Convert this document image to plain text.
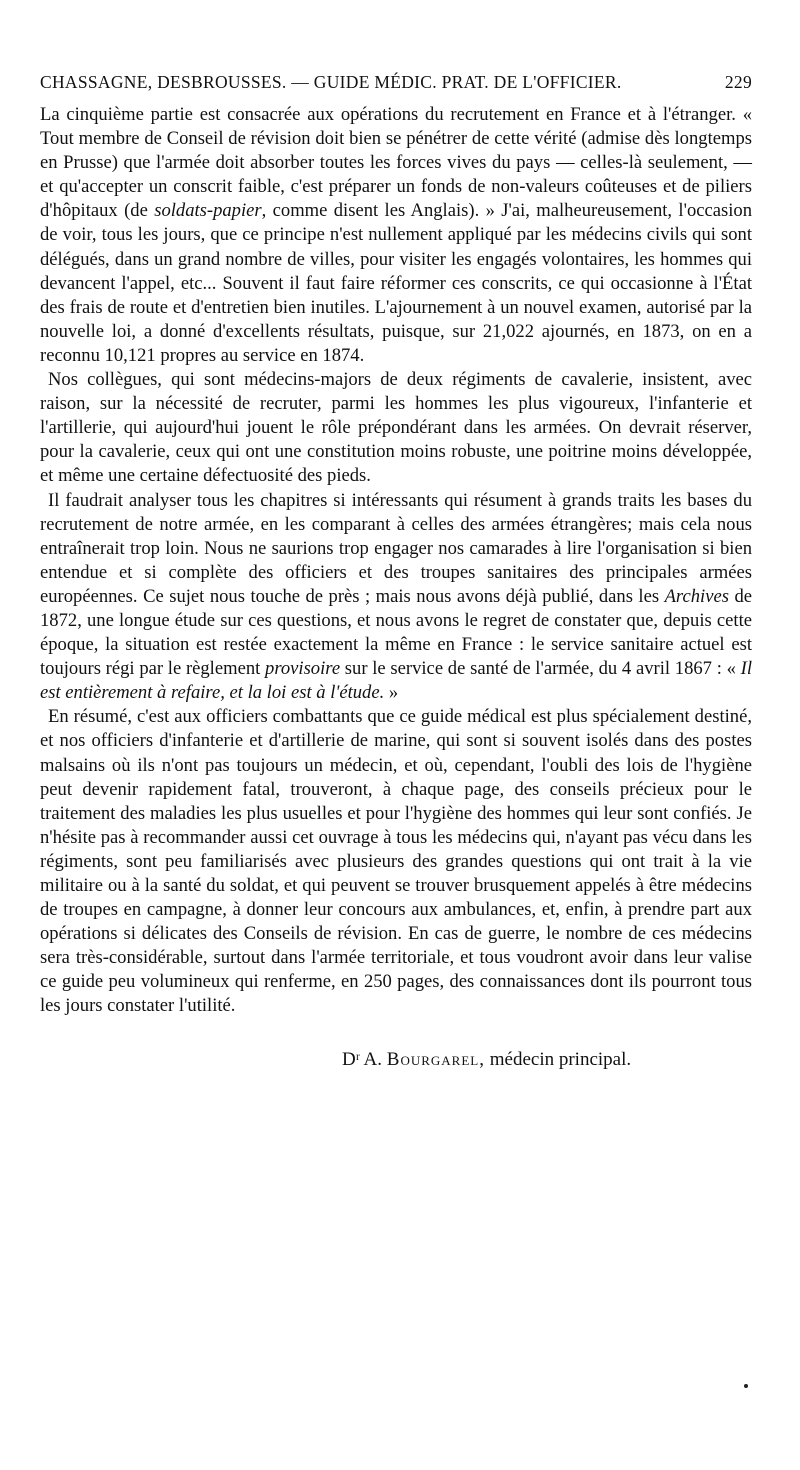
CHASSAGNE, DESBROUSSES. — GUIDE MÉDIC. PRAT. DE L'OFFICIER.	229

La cinquième partie est consacrée aux opérations du recrutement en France et à l'étranger. « Tout membre de Conseil de révision doit bien se pénétrer de cette vérité (admise dès longtemps en Prusse) que l'armée doit absorber toutes les forces vives du pays — celles-là seulement, — et qu'accepter un conscrit faible, c'est préparer un fonds de non-valeurs coûteuses et de piliers d'hôpitaux (de soldats-papier, comme disent les Anglais). » J'ai, malheureusement, l'occasion de voir, tous les jours, que ce principe n'est nullement appliqué par les médecins civils qui sont délégués, dans un grand nombre de villes, pour visiter les engagés volontaires, les hommes qui devancent l'appel, etc... Souvent il faut faire réformer ces conscrits, ce qui occasionne à l'État des frais de route et d'entretien bien inutiles. L'ajournement à un nouvel examen, autorisé par la nouvelle loi, a donné d'excellents résultats, puisque, sur 21,022 ajournés, en 1873, on en a reconnu 10,121 propres au service en 1874.

Nos collègues, qui sont médecins-majors de deux régiments de cavalerie, insistent, avec raison, sur la nécessité de recruter, parmi les hommes les plus vigoureux, l'infanterie et l'artillerie, qui aujourd'hui jouent le rôle prépondérant dans les armées. On devrait réserver, pour la cavalerie, ceux qui ont une constitution moins robuste, une poitrine moins développée, et même une certaine défectuosité des pieds.

Il faudrait analyser tous les chapitres si intéressants qui résument à grands traits les bases du recrutement de notre armée, en les comparant à celles des armées étrangères; mais cela nous entraînerait trop loin. Nous ne saurions trop engager nos camarades à lire l'organisation si bien entendue et si complète des officiers et des troupes sanitaires des principales armées européennes. Ce sujet nous touche de près ; mais nous avons déjà publié, dans les Archives de 1872, une longue étude sur ces questions, et nous avons le regret de constater que, depuis cette époque, la situation est restée exactement la même en France : le service sanitaire actuel est toujours régi par le règlement provisoire sur le service de santé de l'armée, du 4 avril 1867 : « Il est entièrement à refaire, et la loi est à l'étude. »

En résumé, c'est aux officiers combattants que ce guide médical est plus spécialement destiné, et nos officiers d'infanterie et d'artillerie de marine, qui sont si souvent isolés dans des postes malsains où ils n'ont pas toujours un médecin, et où, cependant, l'oubli des lois de l'hygiène peut devenir rapidement fatal, trouveront, à chaque page, des conseils précieux pour le traitement des maladies les plus usuelles et pour l'hygiène des hommes qui leur sont confiés. Je n'hésite pas à recommander aussi cet ouvrage à tous les médecins qui, n'ayant pas vécu dans les régiments, sont peu familiarisés avec plusieurs des grandes questions qui ont trait à la vie militaire ou à la santé du soldat, et qui peuvent se trouver brusquement appelés à être médecins de troupes en campagne, à donner leur concours aux ambulances, et, enfin, à prendre part aux opérations si délicates des Conseils de révision. En cas de guerre, le nombre de ces médecins sera très-considérable, surtout dans l'armée territoriale, et tous voudront avoir dans leur valise ce guide peu volumineux qui renferme, en 250 pages, des connaissances dont ils pourront tous les jours constater l'utilité.

Dʳ A. Bourgarel, médecin principal.
